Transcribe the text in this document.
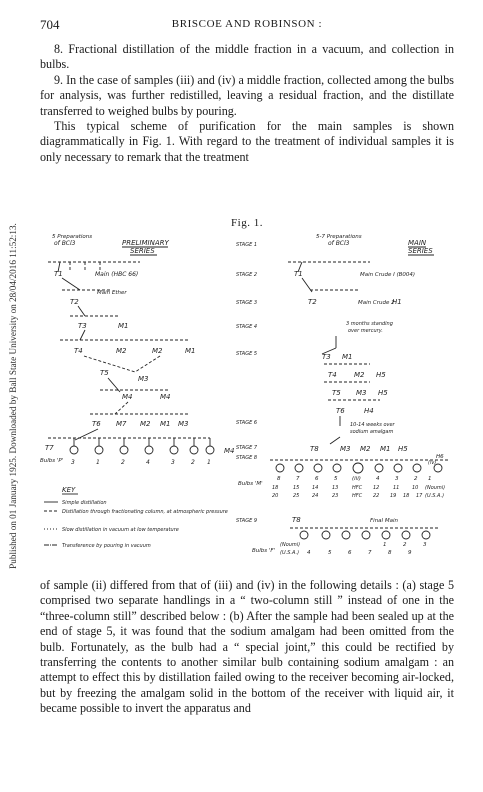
Published on 01 January 1925. Downloaded by Ball State University on 28/04/2016 11:52:13.
704	BRISCOE AND ROBINSON :

8. Fractional distillation of the middle fraction in a vacuum, and collection in bulbs.

9. In the case of samples (iii) and (iv) a middle fraction, collected among the bulbs for analysis, was further redistilled, leaving a residual fraction, and the distillate transferred to weighed bulbs by pouring.

This typical scheme of purification for the main samples is shown diagrammatically in Fig. 1. With regard to the treatment of individual samples it is only necessary to remark that the treatment

Fig. 1.
5 Preparations
of BCl3	PRELIMINARY
SERIES
T1	Main (HBC 66)
Main Ether
T2
T3	M1
T4	M2	M2	M1
T5
M3
M4	M4
T6 M7 M2 M1 M3
T7
Bulbs 'P' 3	1	2	4	3	2 1
M4
KEY
Simple distillation
Distillation through fractionating column, at atmospheric pressure
Slow distillation in vacuum at low temperature
Transference by pouring in vacuum
5-7 Preparations
of BCl3	MAIN
SERIES
STAGE 1
STAGE 2
STAGE 3
STAGE 4
STAGE 5
STAGE 6
STAGE 7
STAGE 8
STAGE 9
T1	Main Crude I (B004)
T2	Main Crude 2
H1
3 months standing
over mercury.
T3 M1
T4 M2 H5
T5 M3 H5
T6	H4
10-14 weeks over
sodium amalgam
T8	M3 M2 M1 H5
Bulbs 'M'
8	7	6	5	(iii)	4	3	2 1
(iv)
H6
18	15	14	13	HFC 12	11	10 (Noumi)
20	25	24	23	HFC 22 19 18 17 (U.S.A.)
T8	Final Main
Bulbs 'F'
(Noumi)	1	2	3
(U.S.A.) 4	5	6	7	8	9

of sample (ii) differed from that of (iii) and (iv) in the following details : (a) stage 5 comprised two separate handlings in a “ two-column still ” instead of one in the “three-column still” described below : (b) After the sample had been sealed up at the end of stage 5, it was found that the sodium amalgam had been omitted from the bulb. Fortunately, as the bulb had a “ special joint,” this could be rectified by transferring the contents to another similar bulb containing sodium amalgam : an attempt to effect this by distillation failed owing to the receiver becoming air-locked, but by freezing the amalgam solid in the bottom of the receiver with liquid air, it became possible to invert the apparatus and
